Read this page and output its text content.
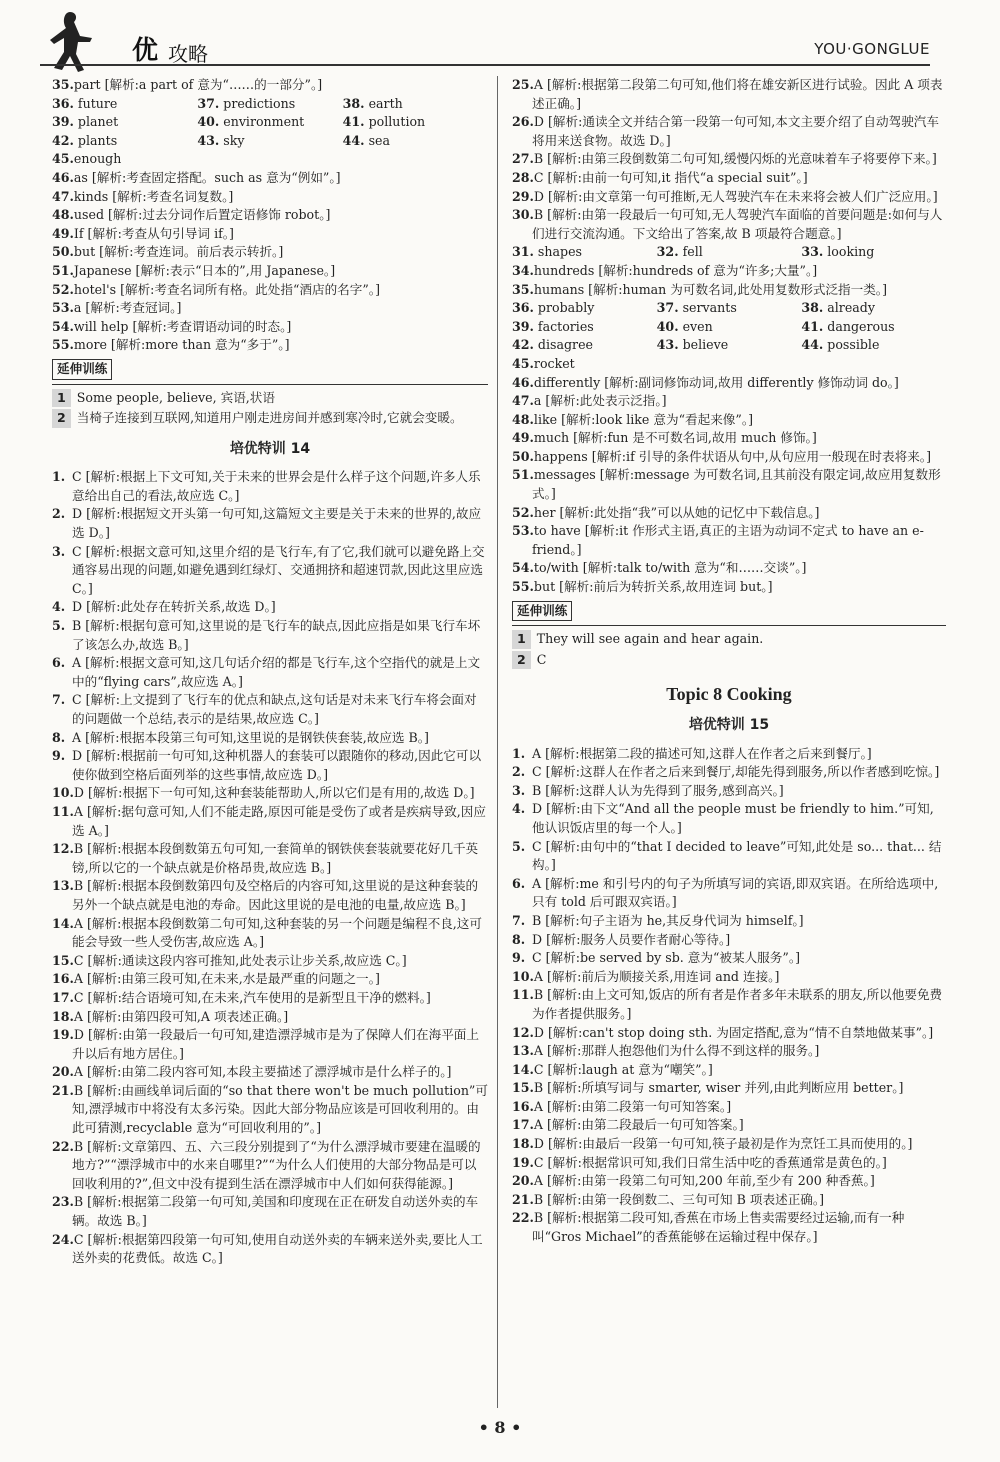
优 攻略	YOU·GONGLUE

35.part [解析:a part of 意为“……的一部分”。]

36. future	37. predictions	38. earth
39. planet	40. environment	41. pollution
42. plants	43. sky	44. sea

45.enough

46.as [解析:考查固定搭配。such as 意为“例如”。]

47.kinds [解析:考查名词复数。]

48.used [解析:过去分词作后置定语修饰 robot。]

49.If [解析:考查从句引导词 if。]

50.but [解析:考查连词。前后表示转折。]

51.Japanese [解析:表示“日本的”,用 Japanese。]

52.hotel's [解析:考查名词所有格。此处指“酒店的名字”。]

53.a [解析:考查冠词。]

54.will help [解析:考查谓语动词的时态。]

55.more [解析:more than 意为“多于”。]

延伸训练
1 Some people, believe, 宾语,状语
2 当椅子连接到互联网,知道用户刚走进房间并感到寒冷时,它就会变暖。
培优特训 14

1. C [解析:根据上下文可知,关于未来的世界会是什么样子这个问题,许多人乐意给出自己的看法,故应选 C。]

2. D [解析:根据短文开头第一句可知,这篇短文主要是关于未来的世界的,故应选 D。]

3. C [解析:根据文意可知,这里介绍的是飞行车,有了它,我们就可以避免路上交通容易出现的问题,如避免遇到红绿灯、交通拥挤和超速罚款,因此这里应选 C。]

4. D [解析:此处存在转折关系,故选 D。]

5. B [解析:根据句意可知,这里说的是飞行车的缺点,因此应指是如果飞行车坏了该怎么办,故选 B。]

6. A [解析:根据文意可知,这几句话介绍的都是飞行车,这个空指代的就是上文中的“flying cars”,故应选 A。]

7. C [解析:上文提到了飞行车的优点和缺点,这句话是对未来飞行车将会面对的问题做一个总结,表示的是结果,故应选 C。]

8. A [解析:根据本段第三句可知,这里说的是钢铁侠套装,故应选 B。]

9. D [解析:根据前一句可知,这种机器人的套装可以跟随你的移动,因此它可以使你做到空格后面列举的这些事情,故应选 D。]

10.D [解析:根据下一句可知,这种套装能帮助人,所以它们是有用的,故选 D。]

11.A [解析:据句意可知,人们不能走路,原因可能是受伤了或者是疾病导致,因应选 A。]

12.B [解析:根据本段倒数第五句可知,一套简单的钢铁侠套装就要花好几千英镑,所以它的一个缺点就是价格昂贵,故应选 B。]

13.B [解析:根据本段倒数第四句及空格后的内容可知,这里说的是这种套装的另外一个缺点就是电池的寿命。因此这里说的是电池的电量,故应选 B。]

14.A [解析:根据本段倒数第二句可知,这种套装的另一个问题是编程不良,这可能会导致一些人受伤害,故应选 A。]

15.C [解析:通读这段内容可推知,此处表示让步关系,故应选 C。]

16.A [解析:由第三段可知,在未来,水是最严重的问题之一。]

17.C [解析:结合语境可知,在未来,汽车使用的是新型且干净的燃料。]

18.A [解析:由第四段可知,A 项表述正确。]

19.D [解析:由第一段最后一句可知,建造漂浮城市是为了保障人们在海平面上升以后有地方居住。]

20.A [解析:由第二段内容可知,本段主要描述了漂浮城市是什么样子的。]

21.B [解析:由画线单词后面的“so that there won't be much pollution”可知,漂浮城市中将没有太多污染。因此大部分物品应该是可回收利用的。由此可猜测,recyclable 意为“可回收利用的”。]

22.B [解析:文章第四、五、六三段分别提到了“为什么漂浮城市要建在温暖的地方?”“漂浮城市中的水来自哪里?”“为什么人们使用的大部分物品是可以回收利用的?”,但文中没有提到生活在漂浮城市中人们如何获得能源。]

23.B [解析:根据第二段第一句可知,美国和印度现在正在研发自动送外卖的车辆。故选 B。]

24.C [解析:根据第四段第一句可知,使用自动送外卖的车辆来送外卖,要比人工送外卖的花费低。故选 C。]

25.A [解析:根据第二段第二句可知,他们将在雄安新区进行试验。因此 A 项表述正确。]

26.D [解析:通读全文并结合第一段第一句可知,本文主要介绍了自动驾驶汽车将用来送食物。故选 D。]

27.B [解析:由第三段倒数第二句可知,缓慢闪烁的光意味着车子将要停下来。]

28.C [解析:由前一句可知,it 指代“a special suit”。]

29.D [解析:由文章第一句可推断,无人驾驶汽车在未来将会被人们广泛应用。]

30.B [解析:由第一段最后一句可知,无人驾驶汽车面临的首要问题是:如何与人们进行交流沟通。下文给出了答案,故 B 项最符合题意。]

31. shapes	32. fell	33. looking

34.hundreds [解析:hundreds of 意为“许多;大量”。]

35.humans [解析:human 为可数名词,此处用复数形式泛指一类。]

36. probably	37. servants	38. already
39. factories	40. even	41. dangerous
42. disagree	43. believe	44. possible

45.rocket

46.differently [解析:副词修饰动词,故用 differently 修饰动词 do。]

47.a [解析:此处表示泛指。]

48.like [解析:look like 意为“看起来像”。]

49.much [解析:fun 是不可数名词,故用 much 修饰。]

50.happens [解析:if 引导的条件状语从句中,从句应用一般现在时表将来。]

51.messages [解析:message 为可数名词,且其前没有限定词,故应用复数形式。]

52.her [解析:此处指“我”可以从她的记忆中下载信息。]

53.to have [解析:it 作形式主语,真正的主语为动词不定式 to have an e-friend。]

54.to/with [解析:talk to/with 意为“和……交谈”。]

55.but [解析:前后为转折关系,故用连词 but。]

延伸训练
1 They will see again and hear again.
2 C
Topic 8 Cooking
培优特训 15

1. A [解析:根据第二段的描述可知,这群人在作者之后来到餐厅。]

2. C [解析:这群人在作者之后来到餐厅,却能先得到服务,所以作者感到吃惊。]

3. B [解析:这群人认为先得到了服务,感到高兴。]

4. D [解析:由下文“And all the people must be friendly to him.”可知,他认识饭店里的每一个人。]

5. C [解析:由句中的“that I decided to leave”可知,此处是 so... that... 结构。]

6. A [解析:me 和引号内的句子为所填写词的宾语,即双宾语。在所给选项中,只有 told 后可跟双宾语。]

7. B [解析:句子主语为 he,其反身代词为 himself。]

8. D [解析:服务人员要作者耐心等待。]

9. C [解析:be served by sb. 意为“被某人服务”。]

10.A [解析:前后为顺接关系,用连词 and 连接。]

11.B [解析:由上文可知,饭店的所有者是作者多年未联系的朋友,所以他要免费为作者提供服务。]

12.D [解析:can't stop doing sth. 为固定搭配,意为“情不自禁地做某事”。]

13.A [解析:那群人抱怨他们为什么得不到这样的服务。]

14.C [解析:laugh at 意为“嘲笑”。]

15.B [解析:所填写词与 smarter, wiser 并列,由此判断应用 better。]

16.A [解析:由第二段第一句可知答案。]

17.A [解析:由第二段最后一句可知答案。]

18.D [解析:由最后一段第一句可知,筷子最初是作为烹饪工具而使用的。]

19.C [解析:根据常识可知,我们日常生活中吃的香蕉通常是黄色的。]

20.A [解析:由第一段第二句可知,200 年前,至少有 200 种香蕉。]

21.B [解析:由第一段倒数二、三句可知 B 项表述正确。]

22.B [解析:根据第二段可知,香蕉在市场上售卖需要经过运输,而有一种叫“Gros Michael”的香蕉能够在运输过程中保存。]

• 8 •
